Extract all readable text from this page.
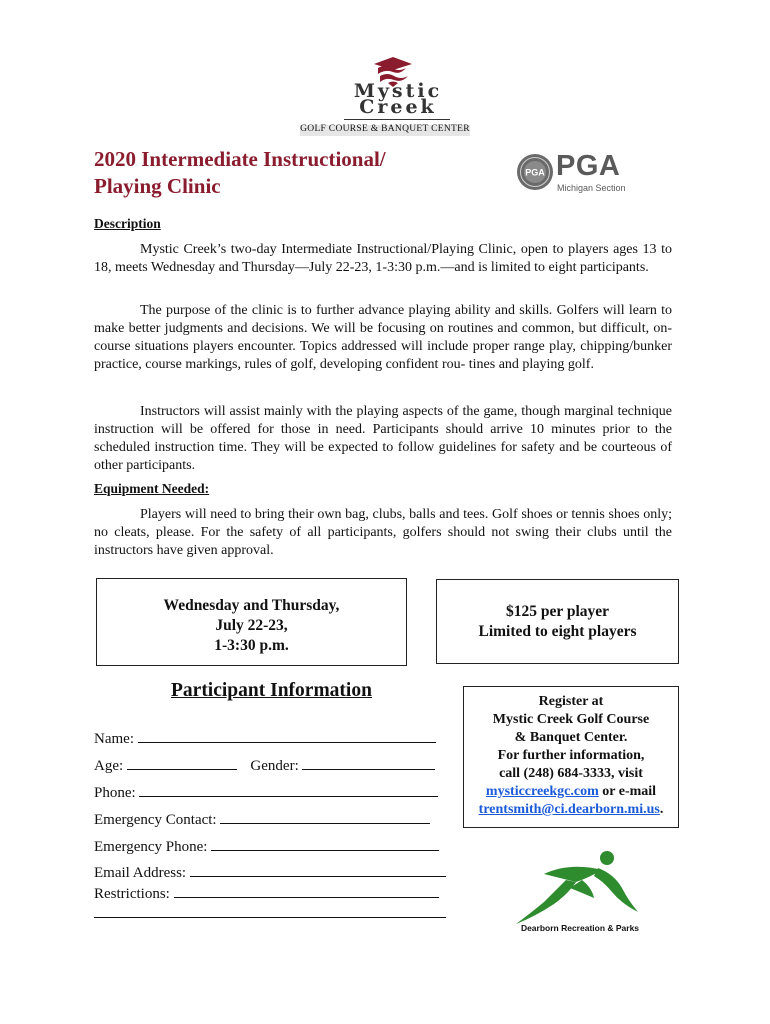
Mystic
Creek
GOLF COURSE & BANQUET CENTER
2020 Intermediate Instructional/
Playing Clinic
PGA PGA
Michigan Section
Description
Mystic Creek’s two-day Intermediate Instructional/Playing Clinic, open to players ages 13 to 18, meets Wednesday and Thursday—July 22-23, 1-3:30 p.m.—and is limited to eight participants.
The purpose of the clinic is to further advance playing ability and skills. Golfers will learn to make better judgments and decisions. We will be focusing on routines and common, but difficult, on-course situations players encounter. Topics addressed will include proper range play, chipping/bunker practice, course markings, rules of golf, developing confident rou- tines and playing golf.
Instructors will assist mainly with the playing aspects of the game, though marginal technique instruction will be offered for those in need. Participants should arrive 10 minutes prior to the scheduled instruction time. They will be expected to follow guidelines for safety and be courteous of other participants.
Equipment Needed:
Players will need to bring their own bag, clubs, balls and tees. Golf shoes or tennis shoes only; no cleats, please. For the safety of all participants, golfers should not swing their clubs until the instructors have given approval.
Wednesday and Thursday,
July 22-23,
1-3:30 p.m.
$125 per player
Limited to eight players
Participant Information
Name:
Age:	Gender:
Phone:
Emergency Contact:
Emergency Phone:
Email Address:
Restrictions:
Register at
Mystic Creek Golf Course
& Banquet Center.
For further information,
call (248) 684-3333, visit
mysticcreekgc.com or e-mail
trentsmith@ci.dearborn.mi.us.
Dearborn Recreation & Parks
